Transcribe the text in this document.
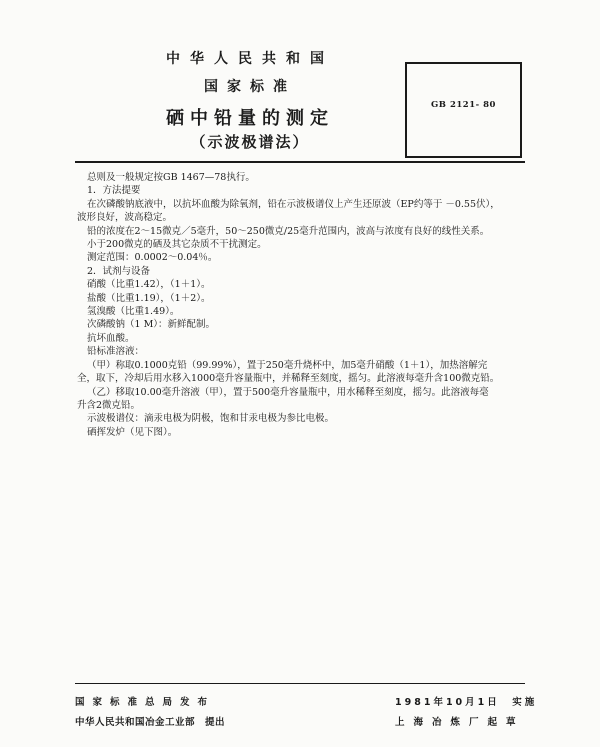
中华人民共和国
国家标准
硒中铅量的测定
（示波极谱法）
GB 2121- 80

总则及一般规定按GB 1467—78执行。

1．方法提要

在次磷酸钠底液中，以抗坏血酸为除氧剂，铅在示波极谱仪上产生还原波（EP约等于 －0.55伏），

波形良好，波高稳定。

铅的浓度在2～15微克／5毫升，50～250微克/25毫升范围内，波高与浓度有良好的线性关系。

小于200微克的硒及其它杂质不干扰测定。

测定范围：0.0002～0.04％。

2．试剂与设备

硝酸（比重1.42），（1＋1）。

盐酸（比重1.19），（1＋2）。

氢溴酸（比重1.49）。

次磷酸钠（1 M）：新鲜配制。

抗坏血酸。

铅标准溶液：

（甲）称取0.1000克铅（99.99%），置于250毫升烧杯中，加5毫升硝酸（1＋1），加热溶解完

全，取下，冷却后用水移入1000毫升容量瓶中，并稀释至刻度，摇匀。此溶液每毫升含100微克铅。

（乙）移取10.00毫升溶液（甲），置于500毫升容量瓶中，用水稀释至刻度，摇匀。此溶液每毫

升含2微克铅。

示波极谱仪：滴汞电极为阴极，饱和甘汞电极为参比电极。

硒挥发炉（见下图）。

国家标准总局发布
中华人民共和国冶金工业部　提出
1981年10月1日　实施
上海冶炼厂起草
